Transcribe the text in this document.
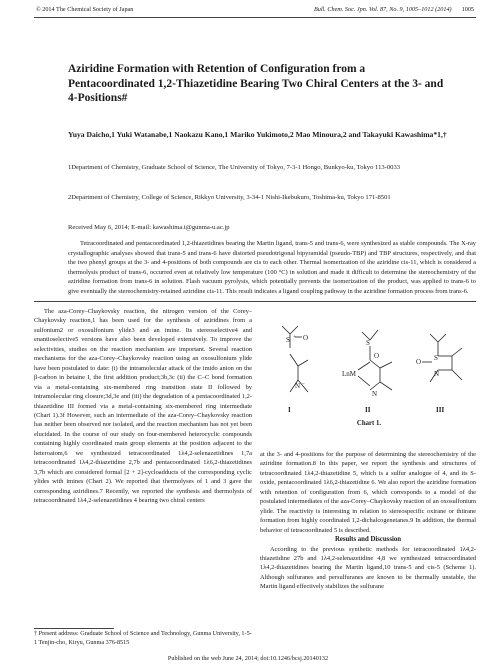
© 2014 The Chemical Society of Japan	Bull. Chem. Soc. Jpn. Vol. 87, No. 9, 1005–1012 (2014) 1005
Aziridine Formation with Retention of Configuration from a Pentacoordinated 1,2-Thiazetidine Bearing Two Chiral Centers at the 3- and 4-Positions#
Yuya Daicho,1 Yuki Watanabe,1 Naokazu Kano,1 Mariko Yukimoto,2 Mao Minoura,2 and Takayuki Kawashima*1,†
1Department of Chemistry, Graduate School of Science, The University of Tokyo, 7-3-1 Hongo, Bunkyo-ku, Tokyo 113-0033
2Department of Chemistry, College of Science, Rikkyo University, 3-34-1 Nishi-Ikebukuro, Toshima-ku, Tokyo 171-8501
Received May 6, 2014; E-mail: kawashima.t@gunma-u.ac.jp

Tetracoordinated and pentacoordinated 1,2-thiazetidines bearing the Martin ligand, trans-5 and trans-6, were synthesized as stable compounds. The X-ray crystallographic analyses showed that trans-5 and trans-6 have distorted pseudotrigonal bipyramidal (pseudo-TBP) and TBP structures, respectively, and that the two phenyl groups at the 3- and 4-positions of both compounds are cis to each other. Thermal isomerization of the aziridine cis-11, which is considered a thermolysis product of trans-6, occurred even at relatively low temperature (100 °C) in solution and made it difficult to determine the stereochemistry of the aziridine formation from trans-6 in solution. Flash vacuum pyrolysis, which potentially prevents the isomerization of the product, was applied to trans-6 to give eventually the stereochemistry-retained aziridine cis-11. This result indicates a ligand coupling pathway in the aziridine formation process from trans-6.

The aza-Corey–Chaykovsky reaction, the nitrogen version of the Corey–Chaykovsky reaction,1 has been used for the synthesis of aziridines from a sulfonium2 or oxosulfonium ylide3 and an imine. Its stereoselective4 and enantioselective5 versions have also been developed extensively. To improve the selectivities, studies on the reaction mechanism are important. Several reaction mechanisms for the aza-Corey–Chaykovsky reaction using an oxosulfonium ylide have been postulated to date: (i) the intramolecular attack of the imido anion on the β-carbon in betaine I, the first addition product;3b,3c (ii) the C–C bond formation via a metal-containing six-membered ring transition state II followed by intramolecular ring closure;3d,3e and (iii) the degradation of a pentacoordinated 1,2-thiazetidine III formed via a metal-containing six-membered ring intermediate (Chart 1).3f However, such an intermediate of the aza-Corey–Chaykovsky reaction has neither been observed nor isolated, and the reaction mechanism has not yet been elucidated. In the course of our study on four-membered heterocyclic compounds containing highly coordinated main group elements at the position adjacent to the heteroatom,6 we synthesized tetracoordinated 1λ4,2-selenazetidines 1,7a tetracoordinated 1λ4,2-thiazetidine 2,7b and pentacoordinated 1λ6,2-thiazetidines 3,7b which are considered formal [2 + 2]-cycloadducts of the corresponding cyclic ylides with imines (Chart 2). We reported that thermolyses of 1 and 3 gave the corresponding aziridines.7 Recently, we reported the synthesis and thermolysis of tetracoordinated 1λ4,2-selenazetidines 4 bearing two chiral centers

S + O
N –
S
O
LnM
N
S
O
N
I	II	III
Chart 1.

at the 3- and 4-positions for the purpose of determining the stereochemistry of the aziridine formation.8 In this paper, we report the synthesis and structures of tetracoordinated 1λ4,2-thiazetidine 5, which is a sulfur analogue of 4, and its S-oxide, pentacoordinated 1λ6,2-thiazetidine 6. We also report the aziridine formation with retention of configuration from 6, which corresponds to a model of the postulated intermediates of the aza-Corey–Chaykovsky reaction of an oxosulfonium ylide. The reactivity is interesting in relation to stereospecific oxirane or thiirane formation from highly coordinated 1,2-dichalcogenetanes.9 In addition, the thermal behavior of tetracoordinated 5 is described.

Results and Discussion

According to the previous synthetic methods for tetracoordinated 1λ4,2-thiazetidine 27b and 1λ4,2-selenazetidine 4,8 we synthesized tetracoordinated 1λ4,2-thiazetidines bearing the Martin ligand,10 trans-5 and cis-5 (Scheme 1). Although sulfuranes and persulfuranes are known to be thermally unstable, the Martin ligand effectively stabilizes the sulfurane

† Present address: Graduate School of Science and Technology, Gunma University, 1-5-1 Tenjin-cho, Kiryu, Gunma 376-8515
Published on the web June 24, 2014; doi:10.1246/bcsj.20140132
